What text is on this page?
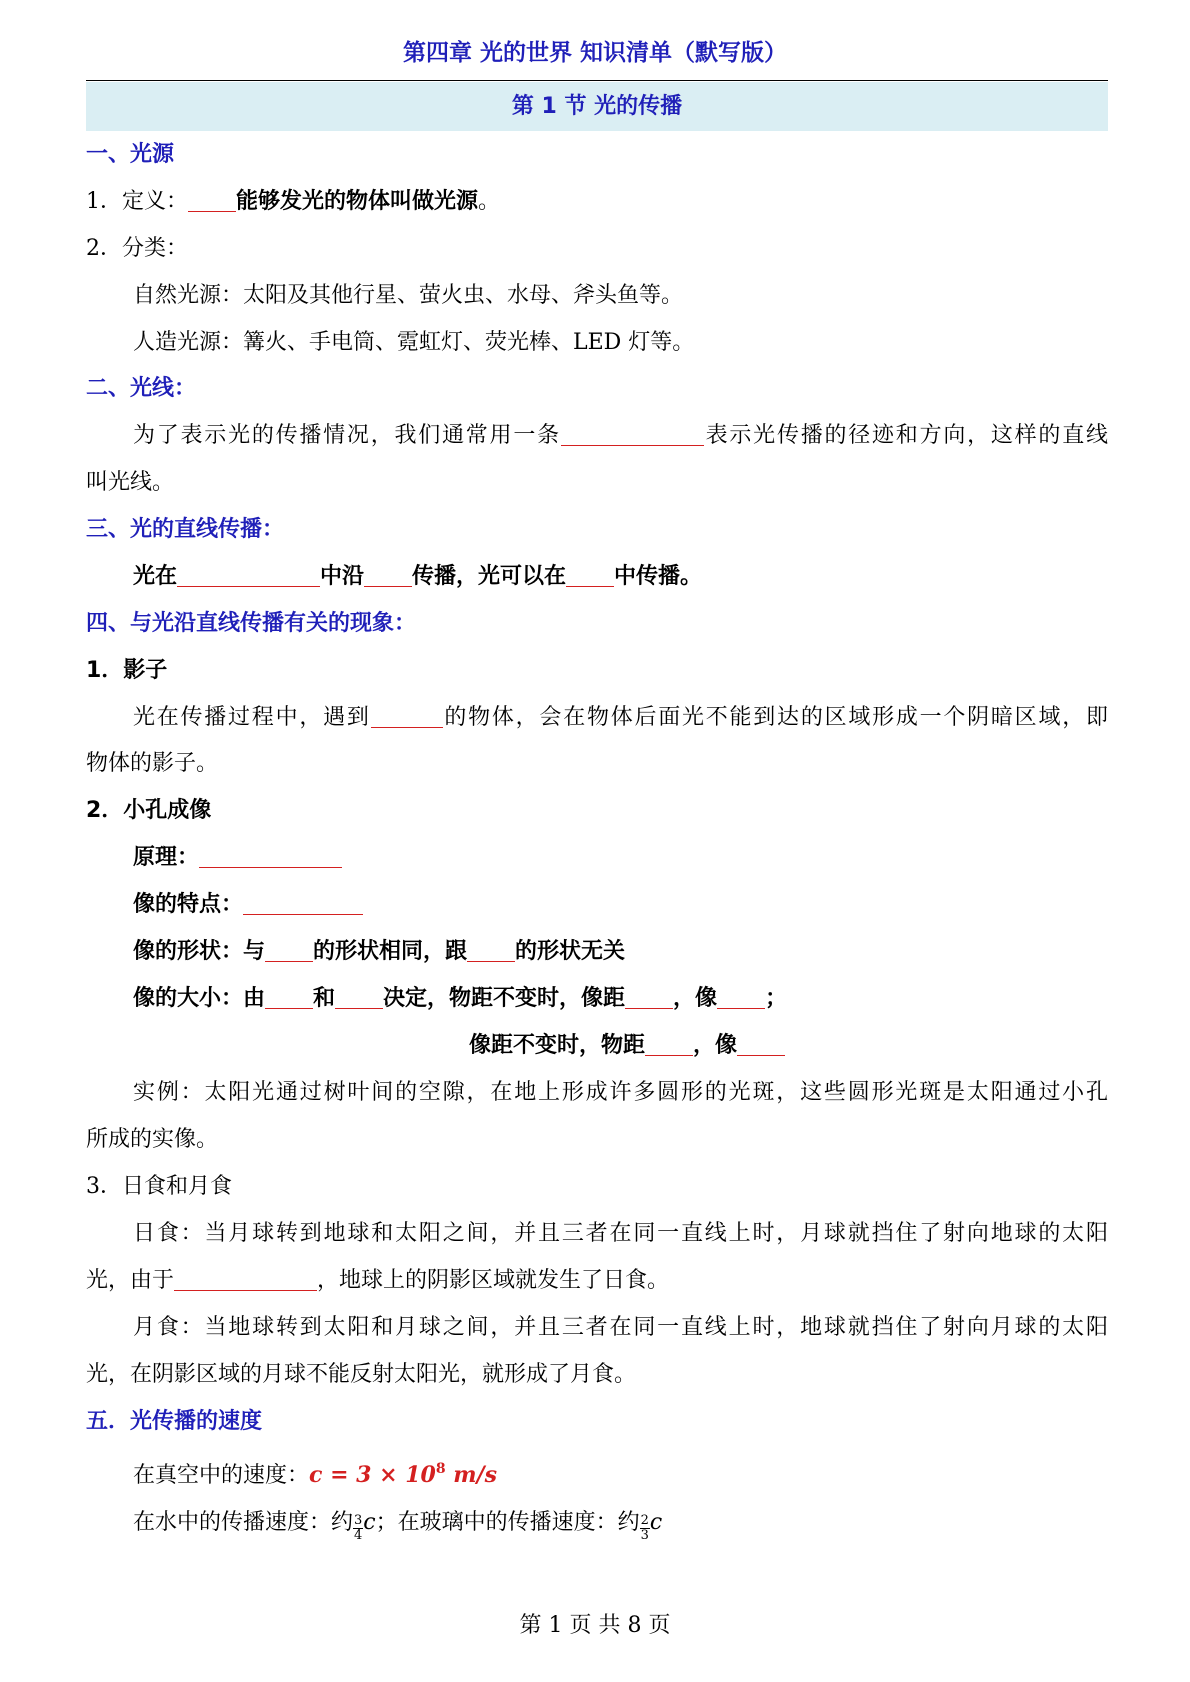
第四章 光的世界 知识清单（默写版）
第 1 节 光的传播
一、光源
1．定义： 能够发光的物体叫做光源。
2．分类：
自然光源：太阳及其他行星、萤火虫、水母、斧头鱼等。
人造光源：篝火、手电筒、霓虹灯、荧光棒、LED 灯等。
二、光线：
为了表示光的传播情况，我们通常用一条	表示光传播的径迹和方向，这样的直线
叫光线。
三、光的直线传播：
光在	中沿 传播，光可以在 中传播。
四、与光沿直线传播有关的现象：
1．影子
光在传播过程中，遇到	的物体，会在物体后面光不能到达的区域形成一个阴暗区域，即
物体的影子。
2．小孔成像
原理：
像的特点：
像的形状：与 的形状相同，跟 的形状无关
像的大小：由 和 决定，物距不变时，像距 ，像 ；
像距不变时，物距 ，像
实例：太阳光通过树叶间的空隙，在地上形成许多圆形的光斑，这些圆形光斑是太阳通过小孔
所成的实像。
3．日食和月食
日食：当月球转到地球和太阳之间，并且三者在同一直线上时，月球就挡住了射向地球的太阳
光，由于	，地球上的阴影区域就发生了日食。
月食：当地球转到太阳和月球之间，并且三者在同一直线上时，地球就挡住了射向月球的太阳
光，在阴影区域的月球不能反射太阳光，就形成了月食。
五．光传播的速度
在真空中的速度：$c = 3 \times 10^8$ m/s
在水中的传播速度：约 $\frac{3}{4}$ c；在玻璃中的传播速度：约 $\frac{2}{3}$ c
第 1 页 共 8 页
